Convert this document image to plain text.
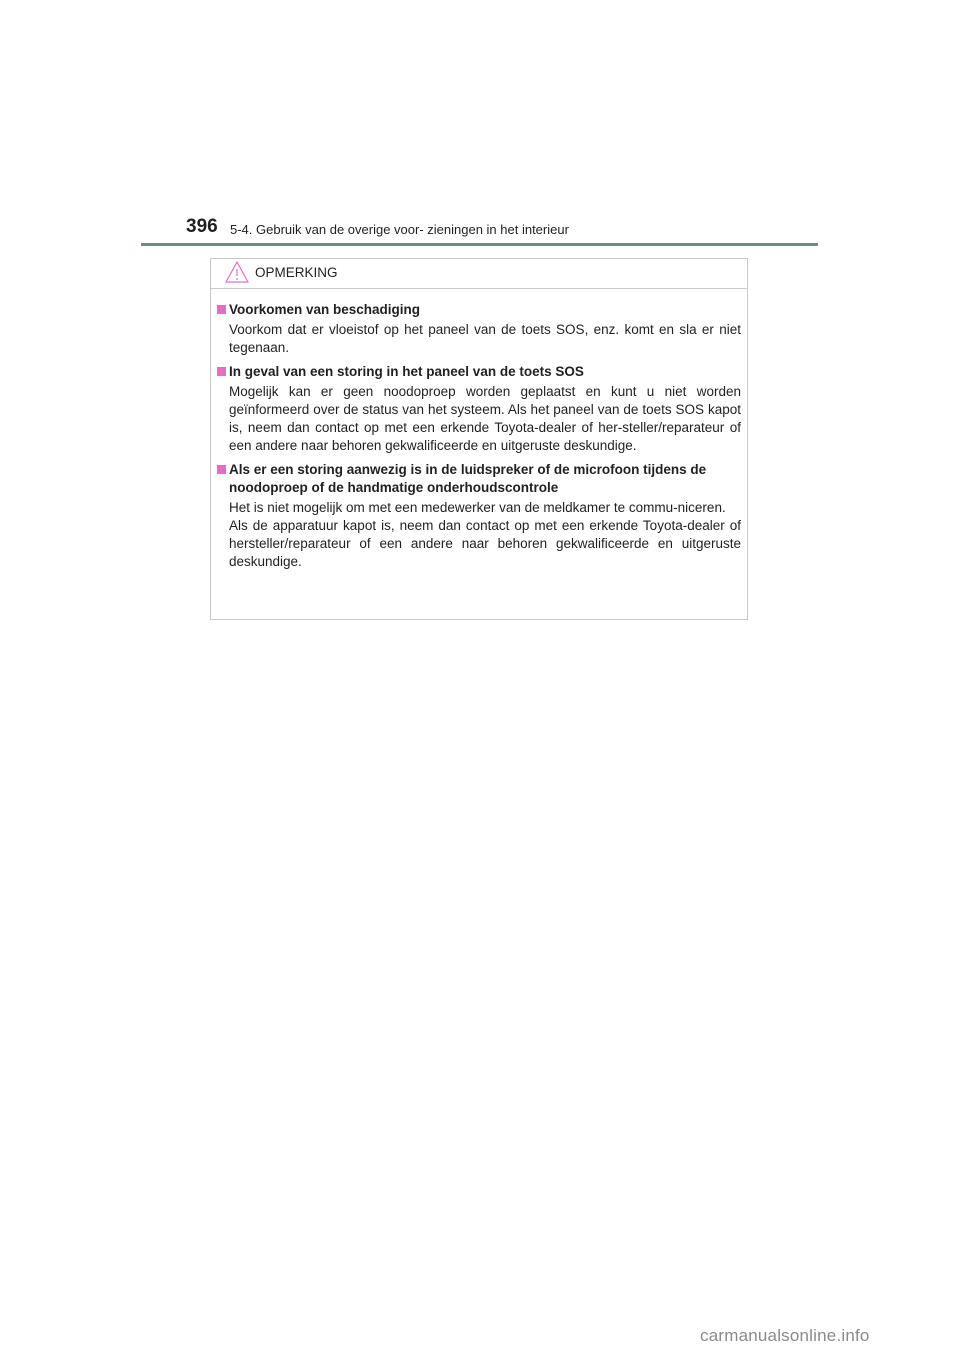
396 5-4. Gebruik van de overige voor- zieningen in het interieur
OPMERKING
Voorkomen van beschadiging
Voorkom dat er vloeistof op het paneel van de toets SOS, enz. komt en sla er niet tegenaan.
In geval van een storing in het paneel van de toets SOS
Mogelijk kan er geen noodoproep worden geplaatst en kunt u niet worden geïnformeerd over de status van het systeem. Als het paneel van de toets SOS kapot is, neem dan contact op met een erkende Toyota-dealer of her-steller/reparateur of een andere naar behoren gekwalificeerde en uitgeruste deskundige.
Als er een storing aanwezig is in de luidspreker of de microfoon tijdens de noodoproep of de handmatige onderhoudscontrole
Het is niet mogelijk om met een medewerker van de meldkamer te commu-niceren.
Als de apparatuur kapot is, neem dan contact op met een erkende Toyota-dealer of hersteller/reparateur of een andere naar behoren gekwalificeerde en uitgeruste deskundige.
carmanualsonline.info
